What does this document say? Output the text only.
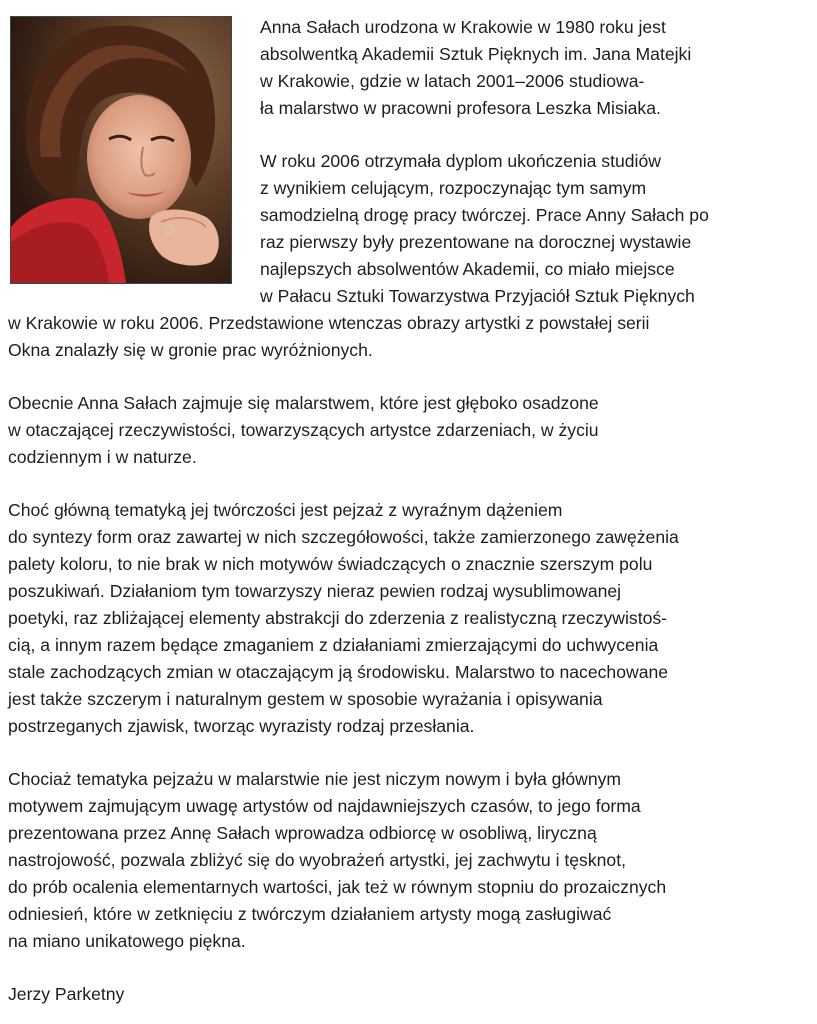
Anna Sałach urodzona w Krakowie w 1980 roku jest
absolwentką Akademii Sztuk Pięknych im. Jana Matejki
w Krakowie, gdzie w latach 2001–2006 studiowa-
ła malarstwo w pracowni profesora Leszka Misiaka.
W roku 2006 otrzymała dyplom ukończenia studiów
z wynikiem celującym, rozpoczynając tym samym
samodzielną drogę pracy twórczej. Prace Anny Sałach po
raz pierwszy były prezentowane na dorocznej wystawie
najlepszych absolwentów Akademii, co miało miejsce
w Pałacu Sztuki Towarzystwa Przyjaciół Sztuk Pięknych
w Krakowie w roku 2006. Przedstawione wtenczas obrazy artystki z powstałej serii
Okna znalazły się w gronie prac wyróżnionych.
Obecnie Anna Sałach zajmuje się malarstwem, które jest głęboko osadzone
w otaczającej rzeczywistości, towarzyszących artystce zdarzeniach, w życiu
codziennym i w naturze.
Choć główną tematyką jej twórczości jest pejzaż z wyraźnym dążeniem
do syntezy form oraz zawartej w nich szczegółowości, także zamierzonego zawężenia
palety koloru, to nie brak w nich motywów świadczących o znacznie szerszym polu
poszukiwań. Działaniom tym towarzyszy nieraz pewien rodzaj wysublimowanej
poetyki, raz zbliżającej elementy abstrakcji do zderzenia z realistyczną rzeczywistoś-
cią, a innym razem będące zmaganiem z działaniami zmierzającymi do uchwycenia
stale zachodzących zmian w otaczającym ją środowisku. Malarstwo to nacechowane
jest także szczerym i naturalnym gestem w sposobie wyrażania i opisywania
postrzeganych zjawisk, tworząc wyrazisty rodzaj przesłania.
Chociaż tematyka pejzażu w malarstwie nie jest niczym nowym i była głównym
motywem zajmującym uwagę artystów od najdawniejszych czasów, to jego forma
prezentowana przez Annę Sałach wprowadza odbiorcę w osobliwą, liryczną
nastrojowość, pozwala zbliżyć się do wyobrażeń artystki, jej zachwytu i tęsknot,
do prób ocalenia elementarnych wartości, jak też w równym stopniu do prozaicznych
odniesień, które w zetknięciu z twórczym działaniem artysty mogą zasługiwać
na miano unikatowego piękna.
Jerzy Parketny
